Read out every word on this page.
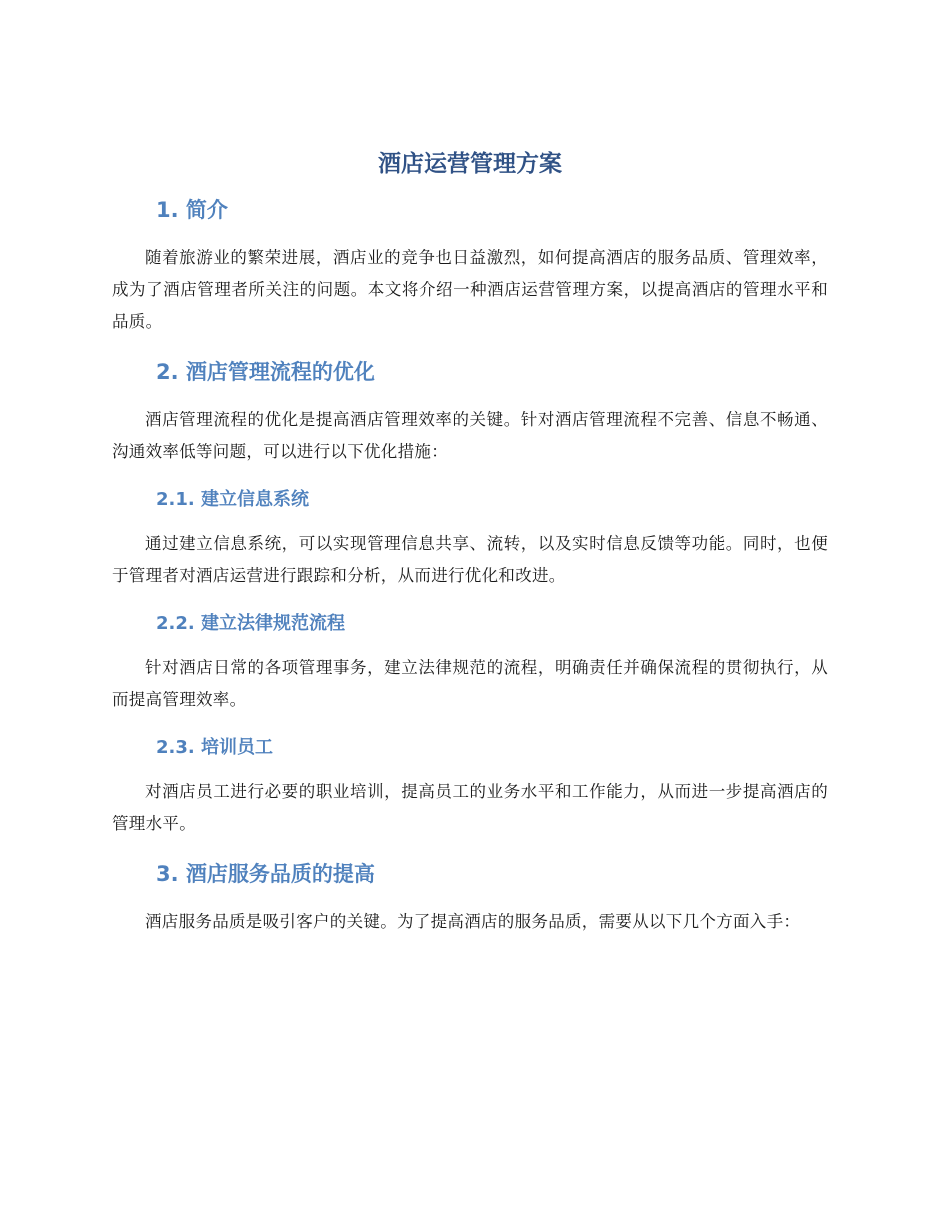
酒店运营管理方案
1. 简介

随着旅游业的繁荣进展，酒店业的竞争也日益激烈，如何提高酒店的服务品质、管理效率，成为了酒店管理者所关注的问题。本文将介绍一种酒店运营管理方案，以提高酒店的管理水平和品质。

2. 酒店管理流程的优化

酒店管理流程的优化是提高酒店管理效率的关键。针对酒店管理流程不完善、信息不畅通、沟通效率低等问题，可以进行以下优化措施：

2.1. 建立信息系统

通过建立信息系统，可以实现管理信息共享、流转，以及实时信息反馈等功能。同时，也便于管理者对酒店运营进行跟踪和分析，从而进行优化和改进。

2.2. 建立法律规范流程

针对酒店日常的各项管理事务，建立法律规范的流程，明确责任并确保流程的贯彻执行，从而提高管理效率。

2.3. 培训员工

对酒店员工进行必要的职业培训，提高员工的业务水平和工作能力，从而进一步提高酒店的管理水平。

3. 酒店服务品质的提高

酒店服务品质是吸引客户的关键。为了提高酒店的服务品质，需要从以下几个方面入手：
